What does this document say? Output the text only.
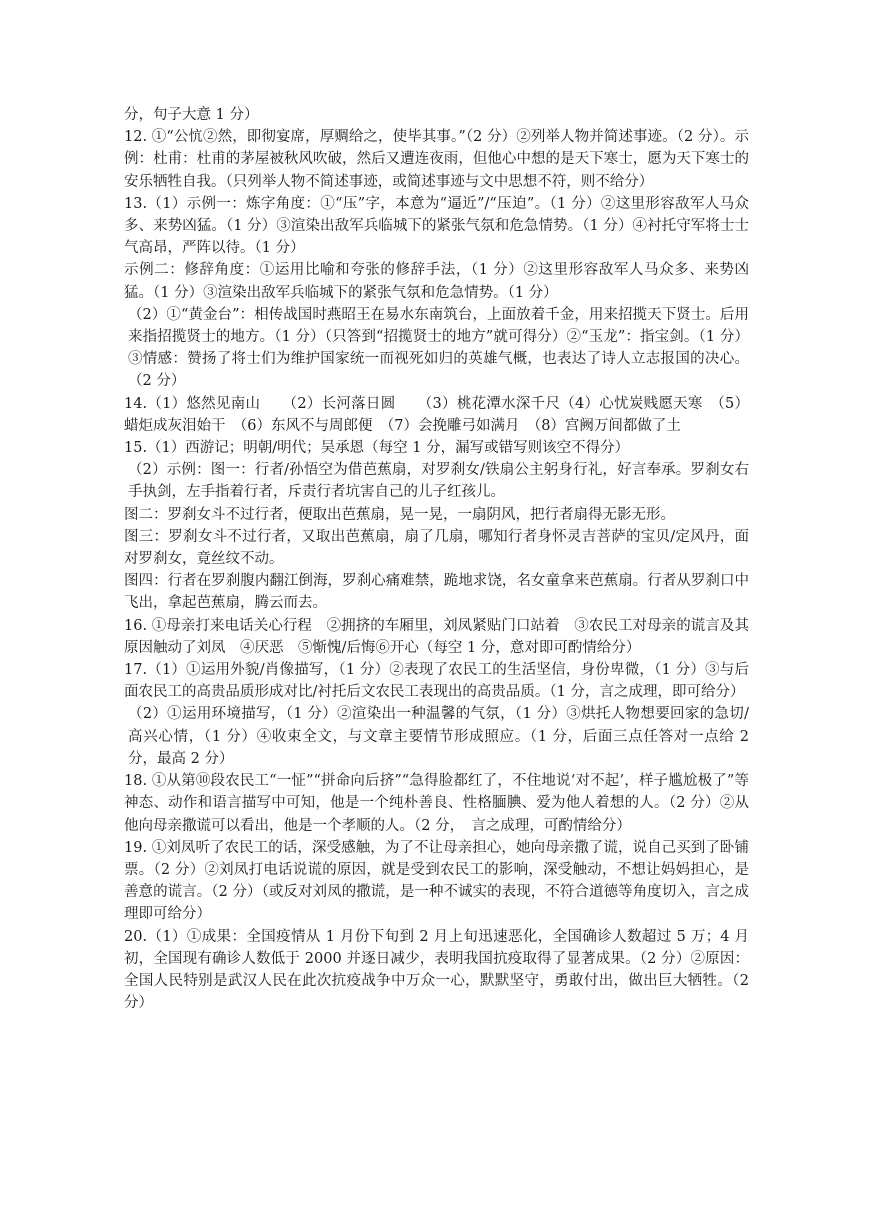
分，句子大意 1 分）

12. ①“公忼②然，即彻宴席，厚赒给之，使毕其事。”（2 分）②列举人物并简述事迹。（2 分）。示例：杜甫：杜甫的茅屋被秋风吹破，然后又遭连夜雨，但他心中想的是天下寒士，愿为天下寒士的安乐牺牲自我。（只列举人物不简述事迹，或简述事迹与文中思想不符，则不给分）

13.（1）示例一：炼字角度：①“压”字，本意为“逼近”/“压迫”。（1 分）②这里形容敌军人马众多、来势凶猛。（1 分）③渲染出敌军兵临城下的紧张气氛和危急情势。（1 分）④衬托守军将士士气高昂，严阵以待。（1 分）

示例二：修辞角度：①运用比喻和夸张的修辞手法，（1 分）②这里形容敌军人马众多、来势凶猛。（1 分）③渲染出敌军兵临城下的紧张气氛和危急情势。（1 分）

（2）①“黄金台”：相传战国时燕昭王在易水东南筑台，上面放着千金，用来招揽天下贤士。后用来指招揽贤士的地方。（1 分）（只答到“招揽贤士的地方”就可得分）②“玉龙”：指宝剑。（1 分）③情感：赞扬了将士们为维护国家统一而视死如归的英雄气概，也表达了诗人立志报国的决心。（2 分）

14.（1）悠然见南山　　（2）长河落日圆　　（3）桃花潭水深千尺（4）心忧炭贱愿天寒　（5）蜡炬成灰泪始干　（6）东风不与周郎便　（7）会挽雕弓如满月　（8）宫阙万间都做了土

15.（1）西游记；明朝/明代；吴承恩（每空 1 分，漏写或错写则该空不得分）

（2）示例：图一：行者/孙悟空为借芭蕉扇，对罗刹女/铁扇公主躬身行礼，好言奉承。罗刹女右手执剑，左手指着行者，斥责行者坑害自己的儿子红孩儿。

图二：罗刹女斗不过行者，便取出芭蕉扇，晃一晃，一扇阴风，把行者扇得无影无形。

图三：罗刹女斗不过行者，又取出芭蕉扇，扇了几扇，哪知行者身怀灵吉菩萨的宝贝/定风丹，面对罗刹女，竟丝纹不动。

图四：行者在罗刹腹内翻江倒海，罗刹心痛难禁，跪地求饶，名女童拿来芭蕉扇。行者从罗刹口中飞出，拿起芭蕉扇，腾云而去。

16. ①母亲打来电话关心行程　②拥挤的车厢里，刘凤紧贴门口站着　③农民工对母亲的谎言及其原因触动了刘凤　④厌恶　⑤惭愧/后悔⑥开心（每空 1 分，意对即可酌情给分）

17.（1）①运用外貌/肖像描写，（1 分）②表现了农民工的生活坚信，身份卑微，（1 分）③与后面农民工的高贵品质形成对比/衬托后文农民工表现出的高贵品质。（1 分，言之成理，即可给分）

（2）①运用环境描写，（1 分）②渲染出一种温馨的气氛，（1 分）③烘托人物想要回家的急切/高兴心情，（1 分）④收束全文，与文章主要情节形成照应。（1 分，后面三点任答对一点给 2 分，最高 2 分）

18. ①从第⑩段农民工“一怔”“拼命向后挤”“急得脸都红了，不住地说‘对不起’，样子尴尬极了”等神态、动作和语言描写中可知，他是一个纯朴善良、性格腼腆、爱为他人着想的人。（2 分）②从他向母亲撒谎可以看出，他是一个孝顺的人。（2 分，　言之成理，可酌情给分）

19. ①刘凤听了农民工的话，深受感触，为了不让母亲担心，她向母亲撒了谎，说自己买到了卧铺票。（2 分）②刘凤打电话说谎的原因，就是受到农民工的影响，深受触动，不想让妈妈担心，是善意的谎言。（2 分）（或反对刘凤的撒谎，是一种不诚实的表现，不符合道德等角度切入，言之成理即可给分）

20.（1）①成果：全国疫情从 1 月份下旬到 2 月上旬迅速恶化，全国确诊人数超过 5 万；4 月初，全国现有确诊人数低于 2000 并逐日减少，表明我国抗疫取得了显著成果。（2 分）②原因：全国人民特别是武汉人民在此次抗疫战争中万众一心，默默坚守，勇敢付出，做出巨大牺牲。（2 分）
